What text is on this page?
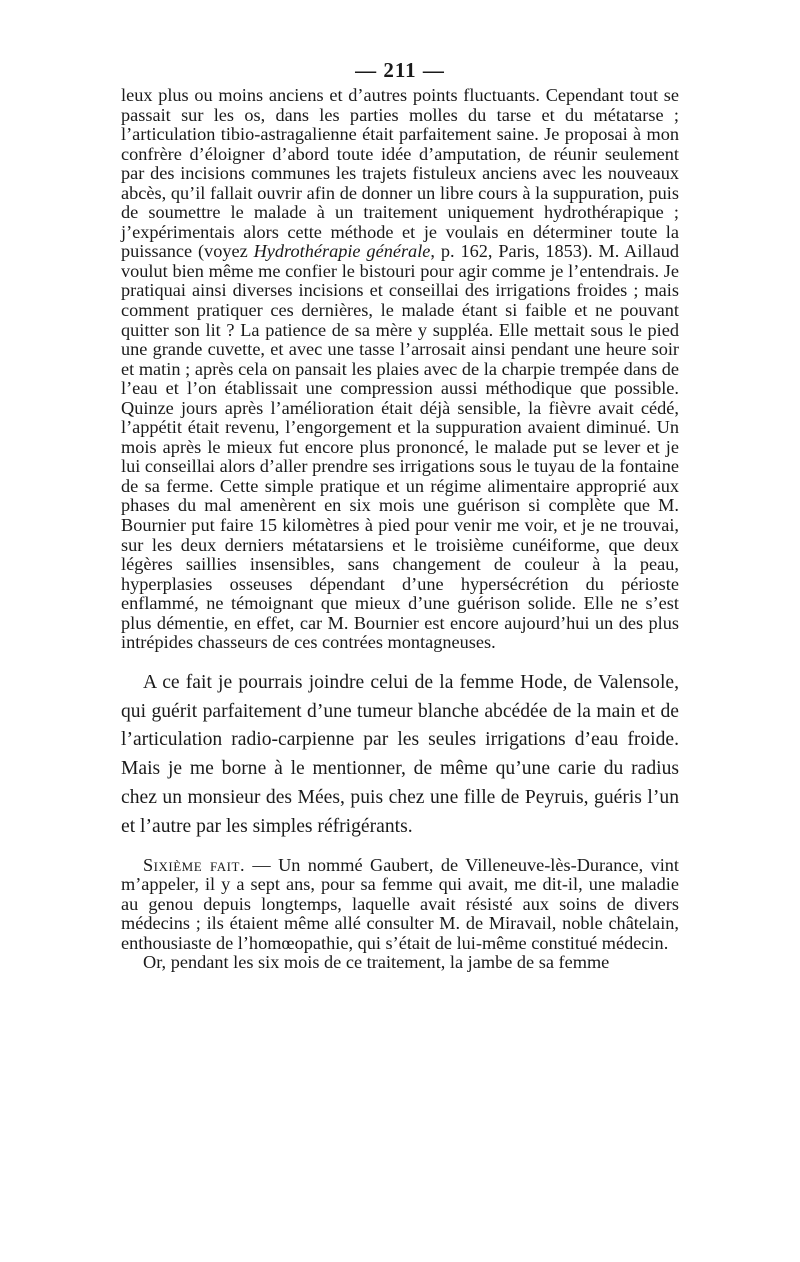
— 211 —

leux plus ou moins anciens et d’autres points fluctuants. Cependant tout se passait sur les os, dans les parties molles du tarse et du métatarse ; l’articulation tibio-astragalienne était parfaitement saine. Je proposai à mon confrère d’éloigner d’abord toute idée d’amputation, de réunir seulement par des incisions communes les trajets fistuleux anciens avec les nouveaux abcès, qu’il fallait ouvrir afin de donner un libre cours à la suppuration, puis de soumettre le malade à un traitement uniquement hydrothérapique ; j’expérimentais alors cette méthode et je voulais en déterminer toute la puissance (voyez Hydrothérapie générale, p. 162, Paris, 1853). M. Aillaud voulut bien même me confier le bistouri pour agir comme je l’entendrais. Je pratiquai ainsi diverses incisions et conseillai des irrigations froides ; mais comment pratiquer ces dernières, le malade étant si faible et ne pouvant quitter son lit ? La patience de sa mère y suppléa. Elle mettait sous le pied une grande cuvette, et avec une tasse l’arrosait ainsi pendant une heure soir et matin ; après cela on pansait les plaies avec de la charpie trempée dans de l’eau et l’on établissait une compression aussi méthodique que possible. Quinze jours après l’amélioration était déjà sensible, la fièvre avait cédé, l’appétit était revenu, l’engorgement et la suppuration avaient diminué. Un mois après le mieux fut encore plus prononcé, le malade put se lever et je lui conseillai alors d’aller prendre ses irrigations sous le tuyau de la fontaine de sa ferme. Cette simple pratique et un régime alimentaire approprié aux phases du mal amenèrent en six mois une guérison si complète que M. Bournier put faire 15 kilomètres à pied pour venir me voir, et je ne trouvai, sur les deux derniers métatarsiens et le troisième cunéiforme, que deux légères saillies insensibles, sans changement de couleur à la peau, hyperplasies osseuses dépendant d’une hypersécrétion du périoste enflammé, ne témoignant que mieux d’une guérison solide. Elle ne s’est plus démentie, en effet, car M. Bournier est encore aujourd’hui un des plus intrépides chasseurs de ces contrées montagneuses.

A ce fait je pourrais joindre celui de la femme Hode, de Valensole, qui guérit parfaitement d’une tumeur blanche abcédée de la main et de l’articulation radio-carpienne par les seules irrigations d’eau froide. Mais je me borne à le mentionner, de même qu’une carie du radius chez un monsieur des Mées, puis chez une fille de Peyruis, guéris l’un et l’autre par les simples réfrigérants.

Sixième fait. — Un nommé Gaubert, de Villeneuve-lès-Durance, vint m’appeler, il y a sept ans, pour sa femme qui avait, me dit-il, une maladie au genou depuis longtemps, laquelle avait résisté aux soins de divers médecins ; ils étaient même allé consulter M. de Miravail, noble châtelain, enthousiaste de l’homœopathie, qui s’était de lui-même constitué médecin.

Or, pendant les six mois de ce traitement, la jambe de sa femme
